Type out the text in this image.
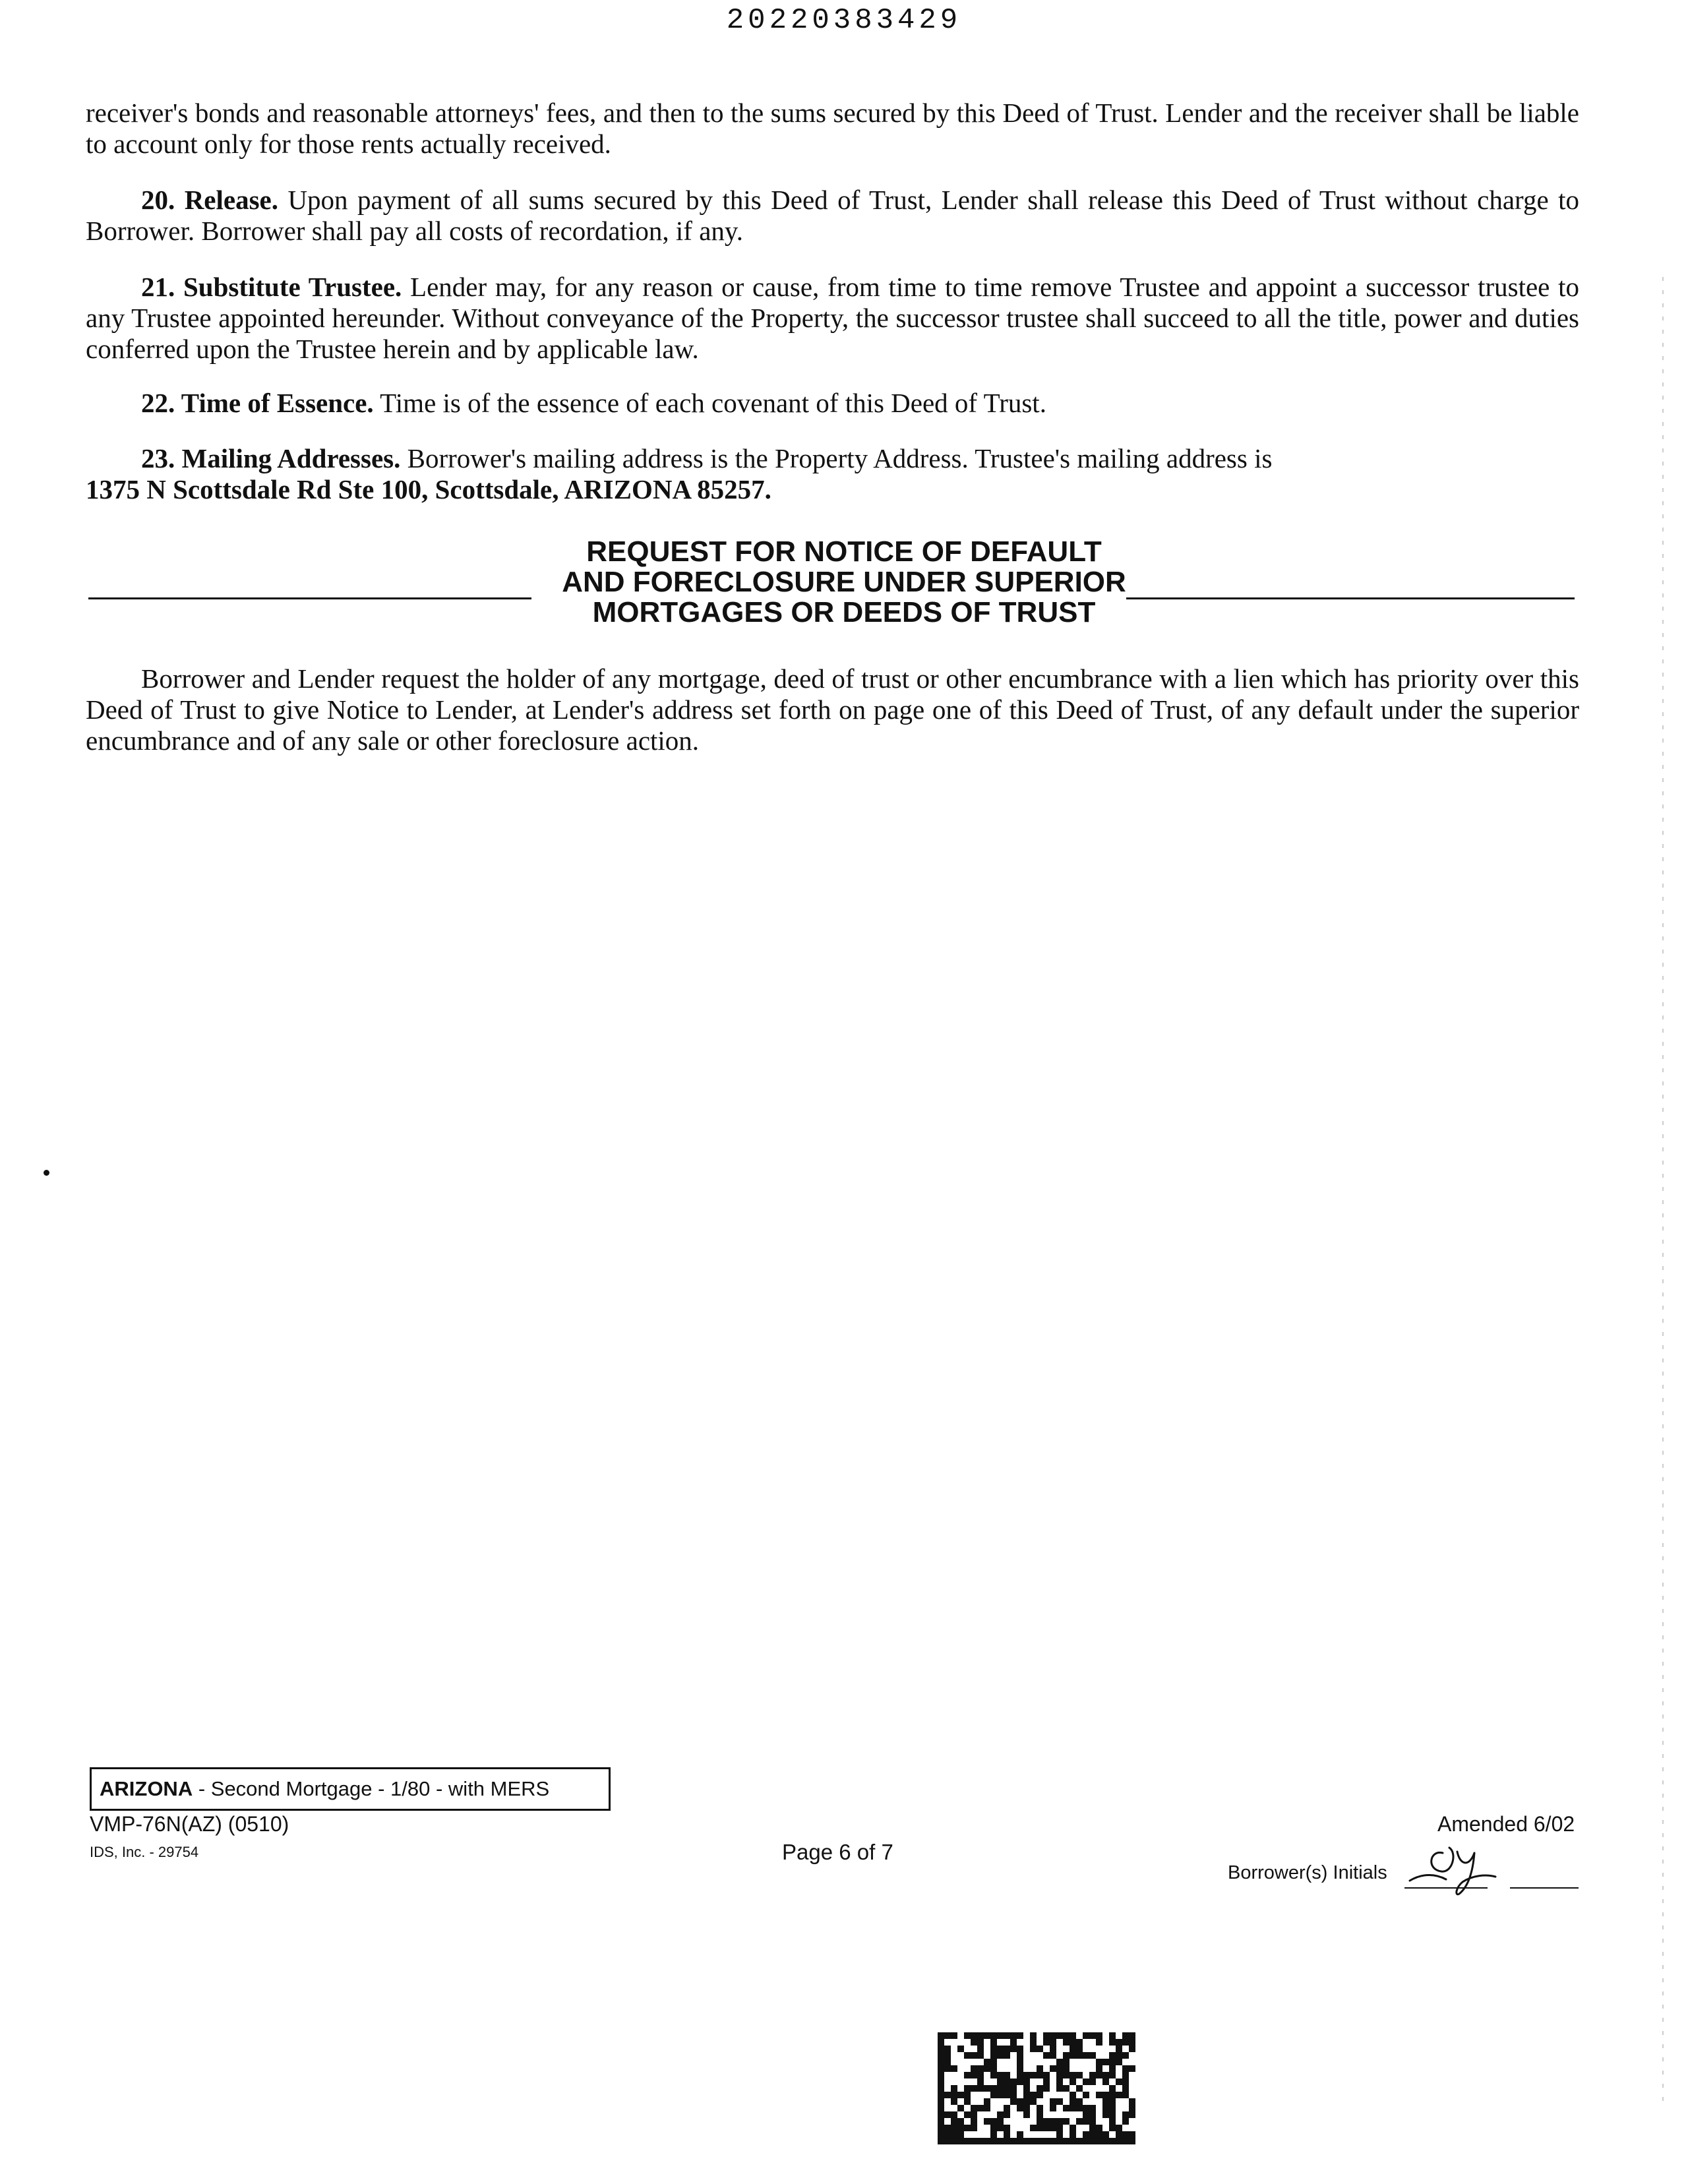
20220383429
receiver's bonds and reasonable attorneys' fees, and then to the sums secured by this Deed of Trust. Lender and the receiver shall be liable to account only for those rents actually received.
20. Release. Upon payment of all sums secured by this Deed of Trust, Lender shall release this Deed of Trust without charge to Borrower. Borrower shall pay all costs of recordation, if any.
21. Substitute Trustee. Lender may, for any reason or cause, from time to time remove Trustee and appoint a successor trustee to any Trustee appointed hereunder. Without conveyance of the Property, the successor trustee shall succeed to all the title, power and duties conferred upon the Trustee herein and by applicable law.
22. Time of Essence. Time is of the essence of each covenant of this Deed of Trust.
23. Mailing Addresses. Borrower's mailing address is the Property Address. Trustee's mailing address is
1375 N Scottsdale Rd Ste 100, Scottsdale, ARIZONA 85257.
REQUEST FOR NOTICE OF DEFAULT
AND FORECLOSURE UNDER SUPERIOR
MORTGAGES OR DEEDS OF TRUST
Borrower and Lender request the holder of any mortgage, deed of trust or other encumbrance with a lien which has priority over this Deed of Trust to give Notice to Lender, at Lender's address set forth on page one of this Deed of Trust, of any default under the superior encumbrance and of any sale or other foreclosure action.
ARIZONA - Second Mortgage - 1/80 - with MERS
VMP-76N(AZ) (0510)
IDS, Inc. - 29754	Page 6 of 7
Amended 6/02
Borrower(s) Initials
